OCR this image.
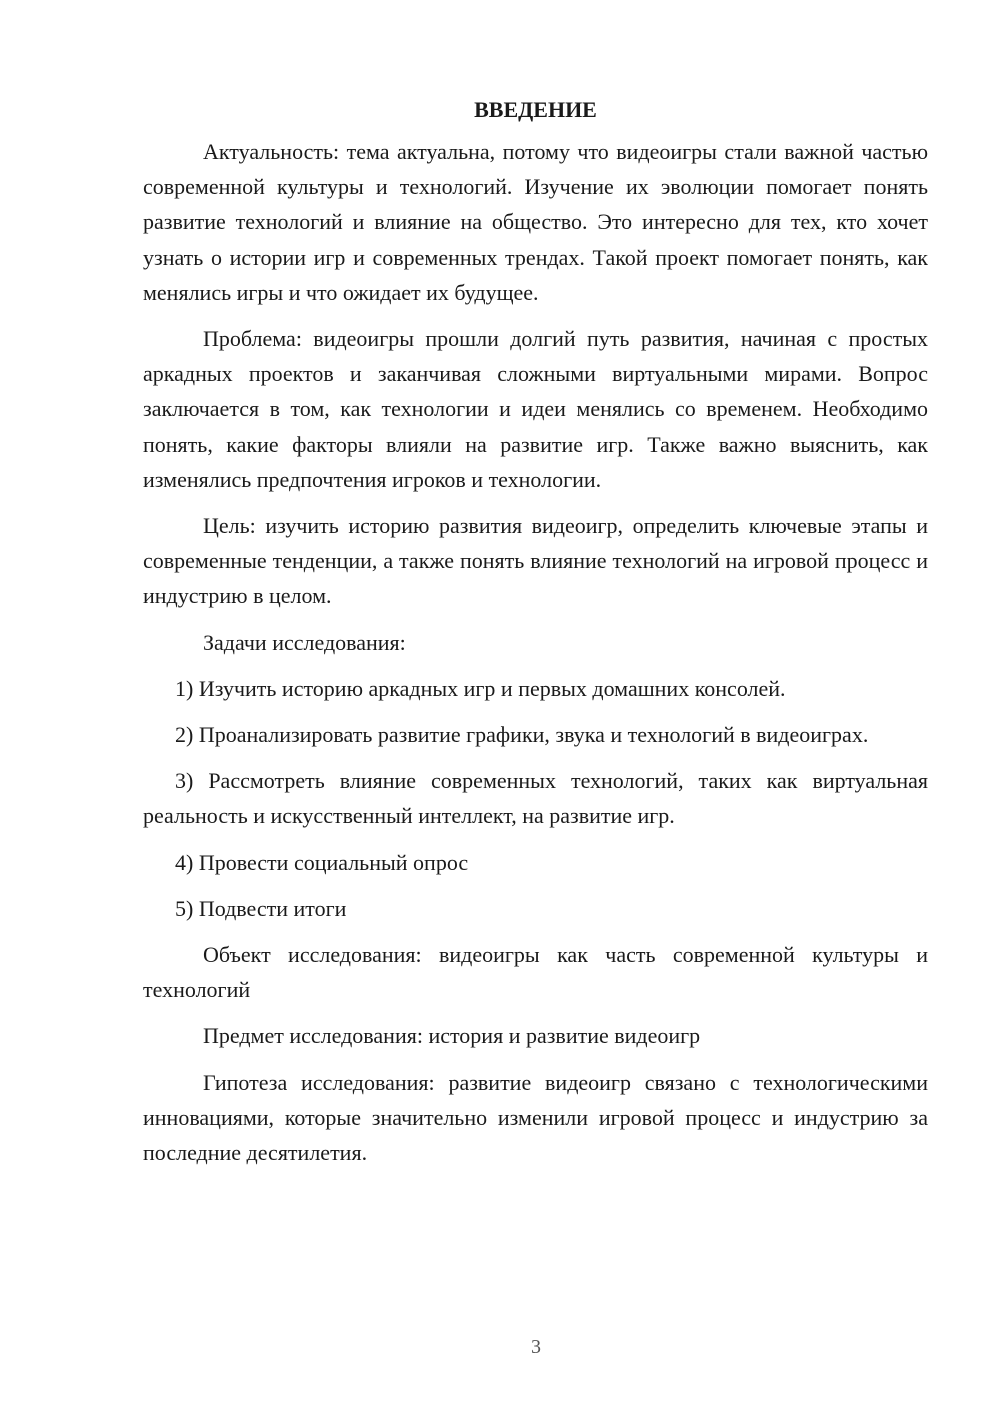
ВВЕДЕНИЕ

Актуальность: тема актуальна, потому что видеоигры стали важной частью современной культуры и технологий. Изучение их эволюции помогает понять развитие технологий и влияние на общество. Это интересно для тех, кто хочет узнать о истории игр и современных трендах. Такой проект помогает понять, как менялись игры и что ожидает их будущее.

Проблема: видеоигры прошли долгий путь развития, начиная с простых аркадных проектов и заканчивая сложными виртуальными мирами. Вопрос заключается в том, как технологии и идеи менялись со временем. Необходимо понять, какие факторы влияли на развитие игр. Также важно выяснить, как изменялись предпочтения игроков и технологии.

Цель: изучить историю развития видеоигр, определить ключевые этапы и современные тенденции, а также понять влияние технологий на игровой процесс и индустрию в целом.

Задачи исследования:

1) Изучить историю аркадных игр и первых домашних консолей.

2) Проанализировать развитие графики, звука и технологий в видеоиграх.

3) Рассмотреть влияние современных технологий, таких как виртуальная реальность и искусственный интеллект, на развитие игр.

4) Провести социальный опрос

5) Подвести итоги

Объект исследования: видеоигры как часть современной культуры и технологий

Предмет исследования: история и развитие видеоигр

Гипотеза исследования: развитие видеоигр связано с технологическими инновациями, которые значительно изменили игровой процесс и индустрию за последние десятилетия.

3
